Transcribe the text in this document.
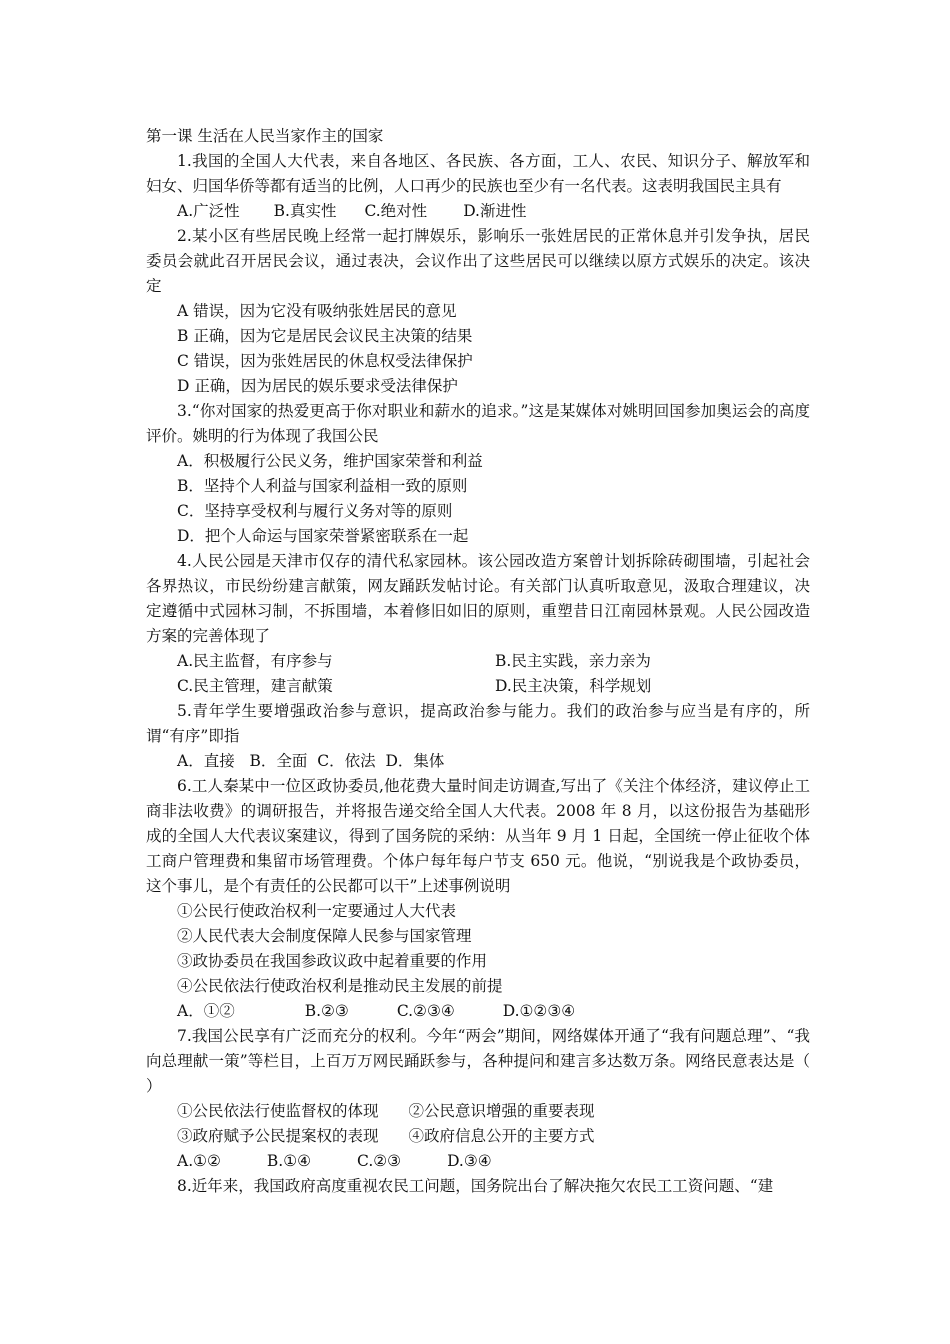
第一课 生活在人民当家作主的国家
1.我国的全国人大代表，来自各地区、各民族、各方面，工人、农民、知识分子、解放军和妇女、归国华侨等都有适当的比例，人口再少的民族也至少有一名代表。这表明我国民主具有
A.广泛性 B.真实性 C.绝对性 D.渐进性
2.某小区有些居民晚上经常一起打牌娱乐，影响乐一张姓居民的正常休息并引发争执，居民委员会就此召开居民会议，通过表决，会议作出了这些居民可以继续以原方式娱乐的决定。该决定
A 错误，因为它没有吸纳张姓居民的意见
B 正确，因为它是居民会议民主决策的结果
C 错误，因为张姓居民的休息权受法律保护
D 正确，因为居民的娱乐要求受法律保护
3.“你对国家的热爱更高于你对职业和薪水的追求。”这是某媒体对姚明回国参加奥运会的高度评价。姚明的行为体现了我国公民
A．积极履行公民义务，维护国家荣誉和利益
B．坚持个人利益与国家利益相一致的原则
C．坚持享受权利与履行义务对等的原则
D．把个人命运与国家荣誉紧密联系在一起
4.人民公园是天津市仅存的清代私家园林。该公园改造方案曾计划拆除砖砌围墙，引起社会各界热议，市民纷纷建言献策，网友踊跃发帖讨论。有关部门认真听取意见，汲取合理建议，决定遵循中式园林习制，不拆围墙，本着修旧如旧的原则，重塑昔日江南园林景观。人民公园改造方案的完善体现了
A.民主监督，有序参与	B.民主实践，亲力亲为
C.民主管理，建言献策	D.民主决策，科学规划
5.青年学生要增强政治参与意识，提高政治参与能力。我们的政治参与应当是有序的，所谓“有序”即指
A．直接 B．全面 C．依法 D．集体
6.工人秦某中一位区政协委员,他花费大量时间走访调查,写出了《关注个体经济，建议停止工商非法收费》的调研报告，并将报告递交给全国人大代表。2008 年 8 月，以这份报告为基础形成的全国人大代表议案建议，得到了国务院的采纳：从当年 9 月 1 日起，全国统一停止征收个体工商户管理费和集留市场管理费。个体户每年每户节支 650 元。他说，“别说我是个政协委员，这个事儿，是个有责任的公民都可以干”上述事例说明
①公民行使政治权利一定要通过人大代表
②人民代表大会制度保障人民参与国家管理
③政协委员在我国参政议政中起着重要的作用
④公民依法行使政治权利是推动民主发展的前提
A．①②	B.②③	C.②③④	D.①②③④
7.我国公民享有广泛而充分的权利。今年“两会”期间，网络媒体开通了“我有问题总理”、“我向总理献一策”等栏目，上百万万网民踊跃参与，各种提问和建言多达数万条。网络民意表达是（ ）
①公民依法行使监督权的体现 ②公民意识增强的重要表现
③政府赋予公民提案权的表现 ④政府信息公开的主要方式
A.①②	B.①④	C.②③	D.③④
8.近年来，我国政府高度重视农民工问题，国务院出台了解决拖欠农民工工资问题、“建
